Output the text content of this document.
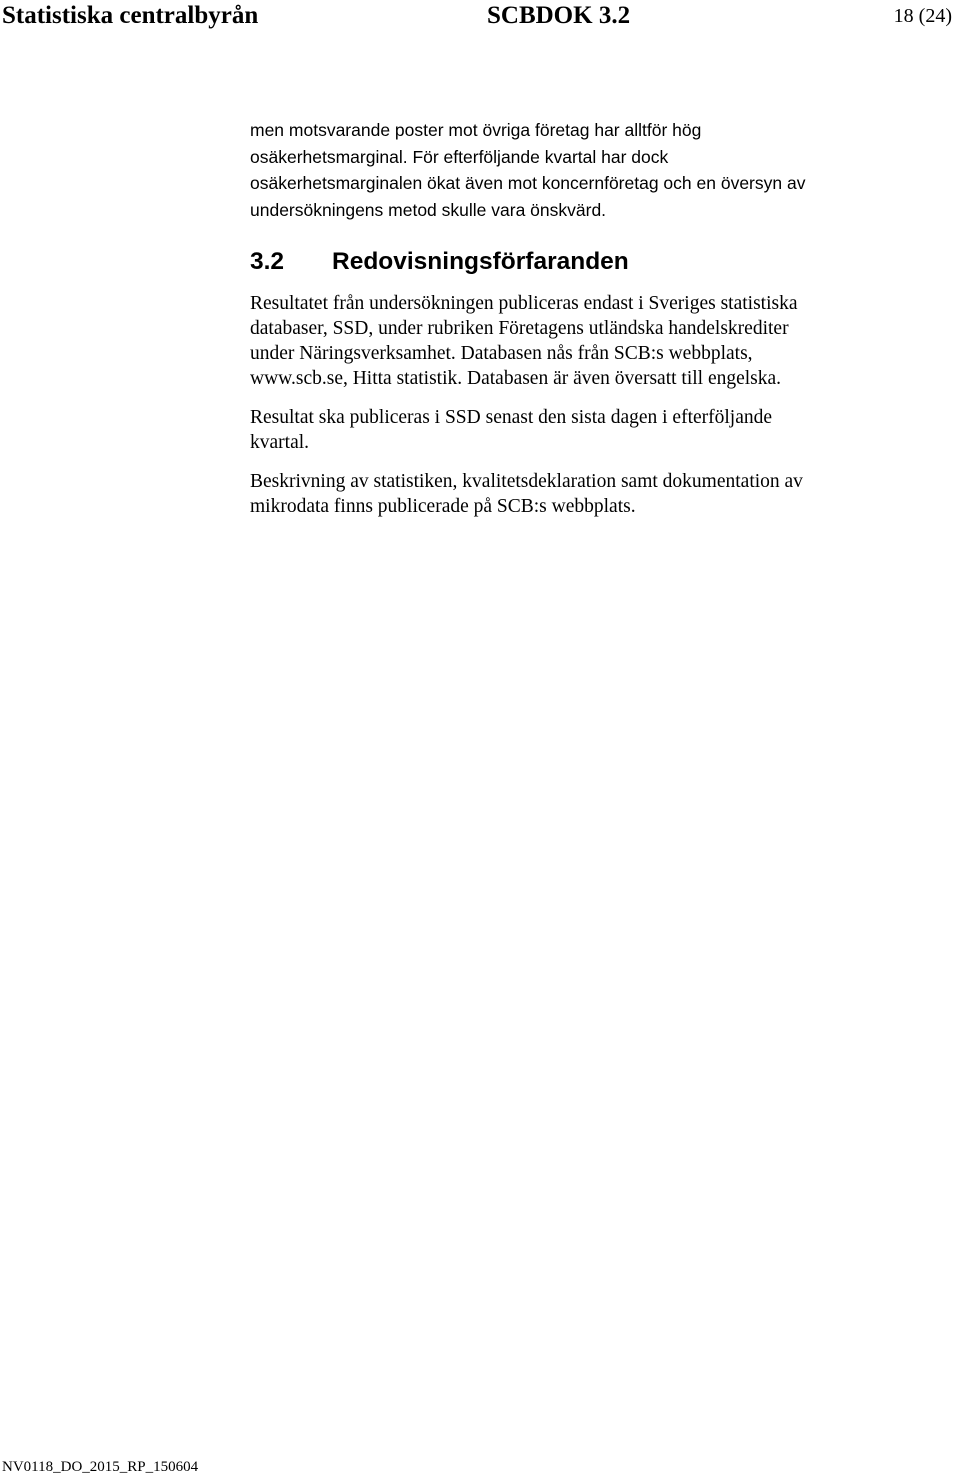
Statistiska centralbyrån	SCBDOK 3.2	18 (24)

men motsvarande poster mot övriga företag har alltför hög
osäkerhetsmarginal. För efterföljande kvartal har dock
osäkerhetsmarginalen ökat även mot koncernföretag och en översyn av
undersökningens metod skulle vara önskvärd.

3.2 Redovisningsförfaranden

Resultatet från undersökningen publiceras endast i Sveriges statistiska
databaser, SSD, under rubriken Företagens utländska handelskrediter
under Näringsverksamhet. Databasen nås från SCB:s webbplats,
www.scb.se, Hitta statistik. Databasen är även översatt till engelska.

Resultat ska publiceras i SSD senast den sista dagen i efterföljande
kvartal.

Beskrivning av statistiken, kvalitetsdeklaration samt dokumentation av
mikrodata finns publicerade på SCB:s webbplats.

NV0118_DO_2015_RP_150604
